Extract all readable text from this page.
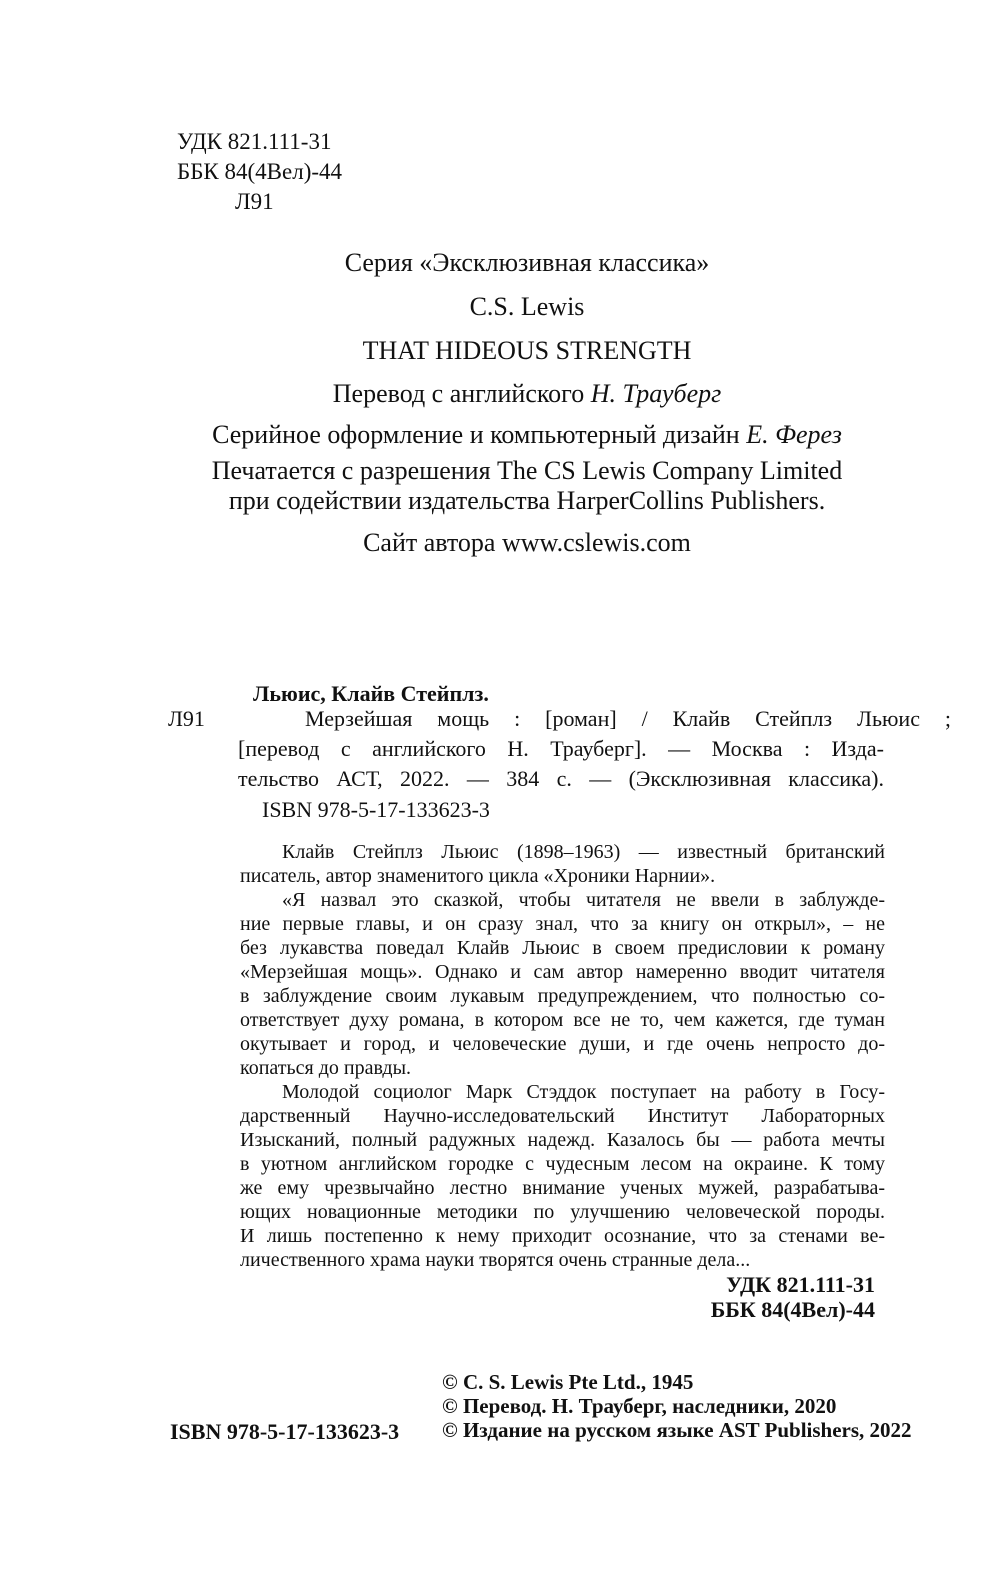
УДК 821.111-31
ББК 84(4Вел)-44
Л91
Серия «Эксклюзивная классика»
C.S. Lewis
THAT HIDEOUS STRENGTH
Перевод с английского Н. Трауберг
Серийное оформление и компьютерный дизайн Е. Ферез
Печатается с разрешения The CS Lewis Company Limited
при содействии издательства HarperCollins Publishers.
Сайт автора www.cslewis.com
Л91
Льюис, Клайв Стейплз.
Мерзейшая мощь : [роман] / Клайв Стейплз Льюис ;
[перевод с английского Н. Трауберг]. — Москва : Изда-
тельство АСТ, 2022. — 384 с. — (Эксклюзивная классика).
ISBN 978-5-17-133623-3
Клайв Стейплз Льюис (1898–1963) — известный британский
писатель, автор знаменитого цикла «Хроники Нарнии».
«Я назвал это сказкой, чтобы читателя не ввели в заблужде-
ние первые главы, и он сразу знал, что за книгу он открыл», – не
без лукавства поведал Клайв Льюис в своем предисловии к роману
«Мерзейшая мощь». Однако и сам автор намеренно вводит читателя
в заблуждение своим лукавым предупреждением, что полностью со-
ответствует духу романа, в котором все не то, чем кажется, где туман
окутывает и город, и человеческие души, и где очень непросто до-
копаться до правды.
Молодой социолог Марк Стэддок поступает на работу в Госу-
дарственный Научно-исследовательский Институт Лабораторных
Изысканий, полный радужных надежд. Казалось бы — работа мечты
в уютном английском городке с чудесным лесом на окраине. К тому
же ему чрезвычайно лестно внимание ученых мужей, разрабатыва-
ющих новационные методики по улучшению человеческой породы.
И лишь постепенно к нему приходит осознание, что за стенами ве-
личественного храма науки творятся очень странные дела...
УДК 821.111-31
ББК 84(4Вел)-44
ISBN 978-5-17-133623-3
© C. S. Lewis Pte Ltd., 1945
© Перевод. Н. Трауберг, наследники, 2020
© Издание на русском языке AST Publishers, 2022
